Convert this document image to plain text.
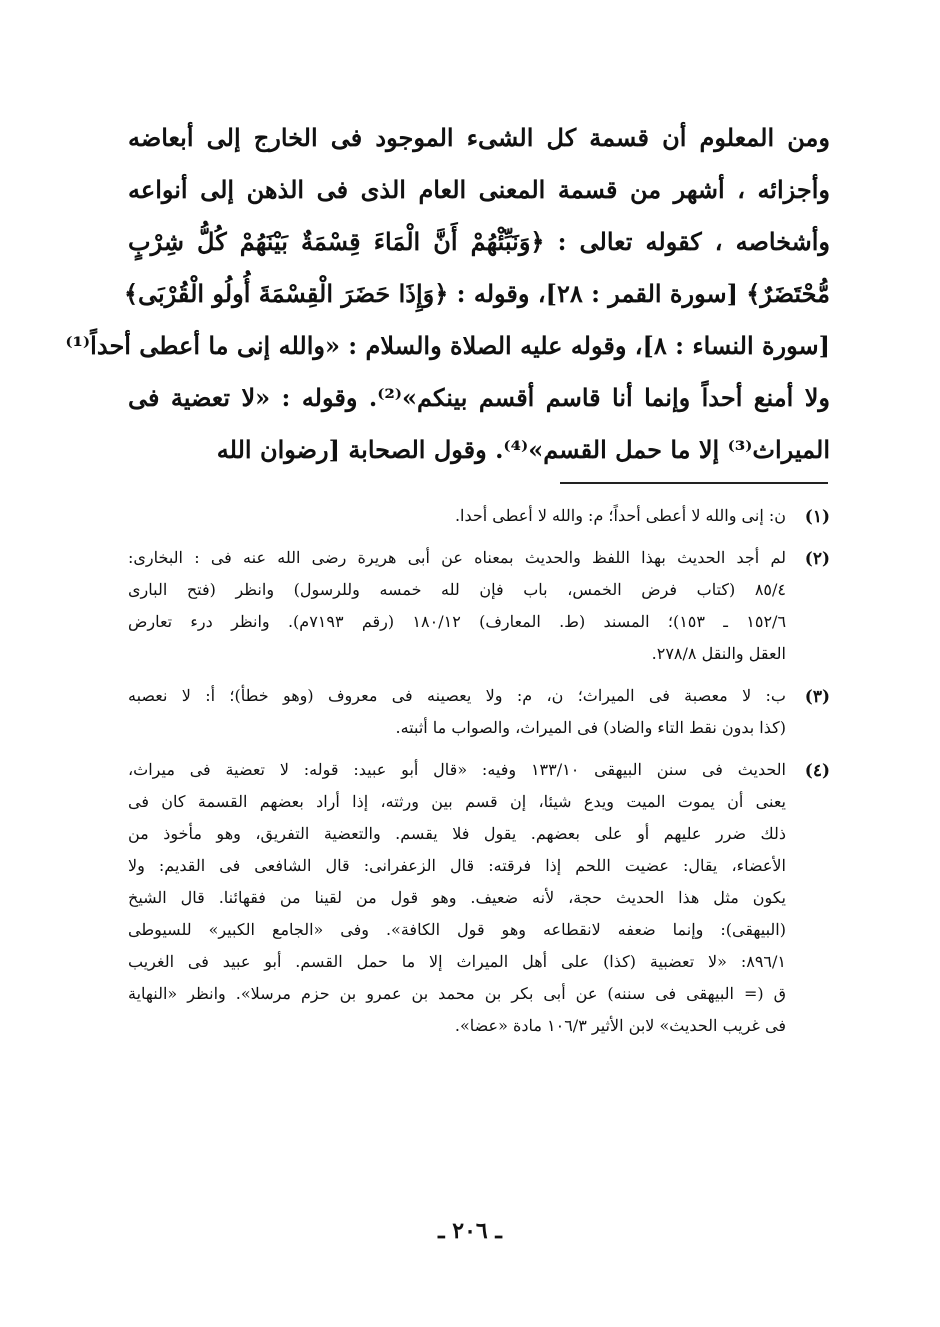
ومن المعلوم أن قسمة كل الشىء الموجود فى الخارج إلى أبعاضه
وأجزائه ، أشهر من قسمة المعنى العام الذى فى الذهن إلى أنواعه
وأشخاصه ، كقوله تعالى : ﴿وَنَبِّئْهُمْ أَنَّ الْمَاءَ قِسْمَةٌ بَيْنَهُمْ كُلُّ شِرْبٍ
مُّحْتَضَرٌ﴾ [سورة القمر : ٢٨]، وقوله : ﴿وَإِذَا حَضَرَ الْقِسْمَةَ أُولُو الْقُرْبَى﴾
[سورة النساء : ٨]، وقوله عليه الصلاة والسلام : «والله إنى ما أعطى أحداً⁽¹⁾
ولا أمنع أحداً وإنما أنا قاسم أقسم بينكم»⁽²⁾. وقوله : «لا تعضية فى
الميراث⁽³⁾ إلا ما حمل القسم»⁽⁴⁾. وقول الصحابة [رضوان الله
(١)
ن: إنى والله لا أعطى أحداً؛ م: والله لا أعطى أحدا.
(٢)
لم أجد الحديث بهذا اللفظ والحديث بمعناه عن أبى هريرة رضى الله عنه فى : البخارى:
٨٥/٤ (كتاب فرض الخمس، باب فإن لله خمسه وللرسول) وانظر (فتح البارى
١٥٢/٦ ـ ١٥٣)؛ المسند (ط. المعارف) ١٨٠/١٢ (رقم ٧١٩٣م). وانظر درء تعارض
العقل والنقل ٢٧٨/٨.
(٣)
ب: لا معصبة فى الميراث؛ ن، م: ولا يعصينه فى معروف (وهو خطأ)؛ أ: لا نعصبه
(كذا بدون نقط التاء والضاد) فى الميراث، والصواب ما أثبته.
(٤)
الحديث فى سنن البيهقى ١٣٣/١٠ وفيه: «قال أبو عبيد: قوله: لا تعضية فى ميراث،
يعنى أن يموت الميت ويدع شيئا، إن قسم بين ورثته، إذا أراد بعضهم القسمة كان فى
ذلك ضرر عليهم أو على بعضهم. يقول فلا يقسم. والتعضية التفريق، وهو مأخوذ من
الأعضاء، يقال: عضيت اللحم إذا فرقته: قال الزعفرانى: قال الشافعى فى القديم: ولا
يكون مثل هذا الحديث حجة، لأنه ضعيف. وهو قول من لقينا من فقهائنا. قال الشيخ
(البيهقى): وإنما ضعفه لانقطاعه وهو قول الكافة». وفى «الجامع الكبير» للسيوطى
٨٩٦/١: «لا تعضبية (كذا) على أهل الميراث إلا ما حمل القسم. أبو عبيد فى الغريب
ق (= البيهقى فى سننه) عن أبى بكر بن محمد بن عمرو بن حزم مرسلا». وانظر «النهاية
فى غريب الحديث» لابن الأثير ١٠٦/٣ مادة «عضا».
ـ ٢٠٦ ـ
